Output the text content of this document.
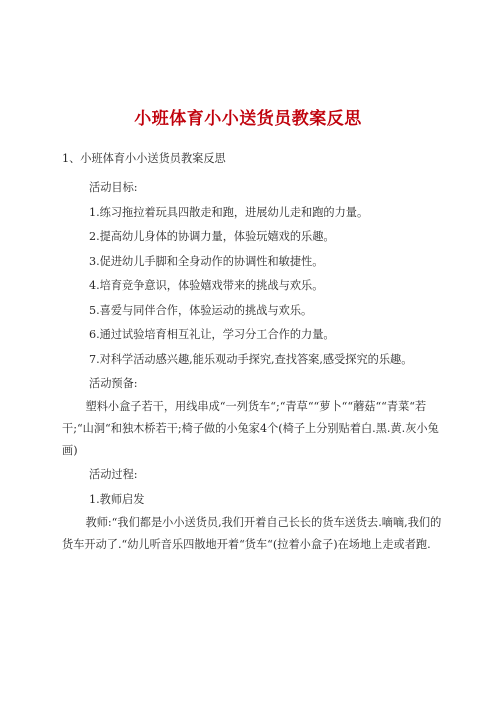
小班体育小小送货员教案反思
1、小班体育小小送货员教案反思
活动目标:
1.练习拖拉着玩具四散走和跑，进展幼儿走和跑的力量。
2.提高幼儿身体的协调力量，体验玩嬉戏的乐趣。
3.促进幼儿手脚和全身动作的协调性和敏捷性。
4.培育竞争意识，体验嬉戏带来的挑战与欢乐。
5.喜爱与同伴合作，体验运动的挑战与欢乐。
6.通过试验培育相互礼让，学习分工合作的力量。
7.对科学活动感兴趣,能乐观动手探究,查找答案,感受探究的乐趣。
活动预备:
塑料小盒子若干，用线串成“一列货车“;“青草““萝卜““蘑菇““青菜“若干;“山洞“和独木桥若干;椅子做的小兔家4个(椅子上分别贴着白.黑.黄.灰小兔画)
活动过程:
1.教师启发
教师:“我们都是小小送货员,我们开着自己长长的货车送货去.嘀嘀,我们的货车开动了.“幼儿听音乐四散地开着“货车“(拉着小盒子)在场地上走或者跑.
